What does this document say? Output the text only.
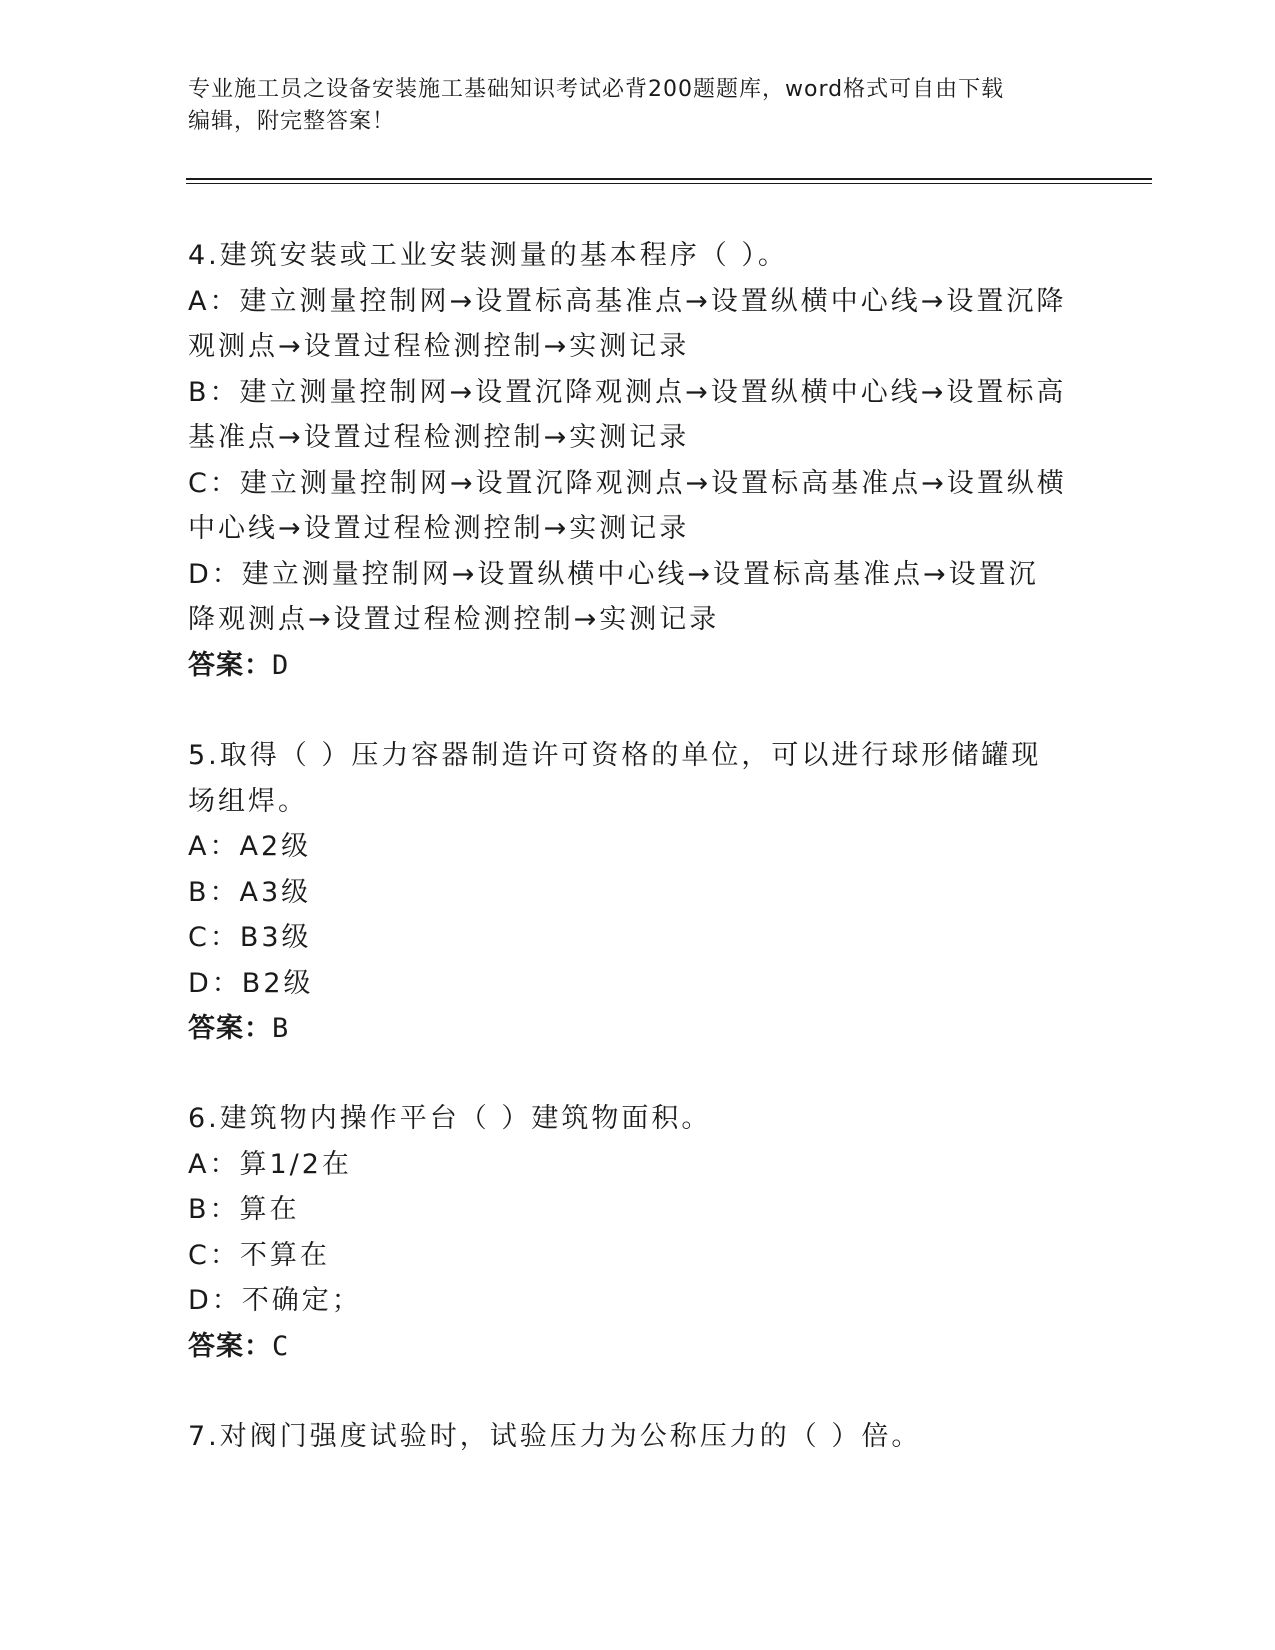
专业施工员之设备安装施工基础知识考试必背200题题库，word格式可自由下载
编辑，附完整答案！
4.建筑安装或工业安装测量的基本程序（ ）。
A：建立测量控制网→设置标高基准点→设置纵横中心线→设置沉降观测点→设置过程检测控制→实测记录
B：建立测量控制网→设置沉降观测点→设置纵横中心线→设置标高基准点→设置过程检测控制→实测记录
C：建立测量控制网→设置沉降观测点→设置标高基准点→设置纵横中心线→设置过程检测控制→实测记录
D：建立测量控制网→设置纵横中心线→设置标高基准点→设置沉降观测点→设置过程检测控制→实测记录
答案：D
5.取得（ ）压力容器制造许可资格的单位，可以进行球形储罐现场组焊。
A：A2级
B：A3级
C：B3级
D：B2级
答案：B
6.建筑物内操作平台（ ）建筑物面积。
A：算1/2在
B：算在
C：不算在
D：不确定；
答案：C
7.对阀门强度试验时，试验压力为公称压力的（ ）倍。
